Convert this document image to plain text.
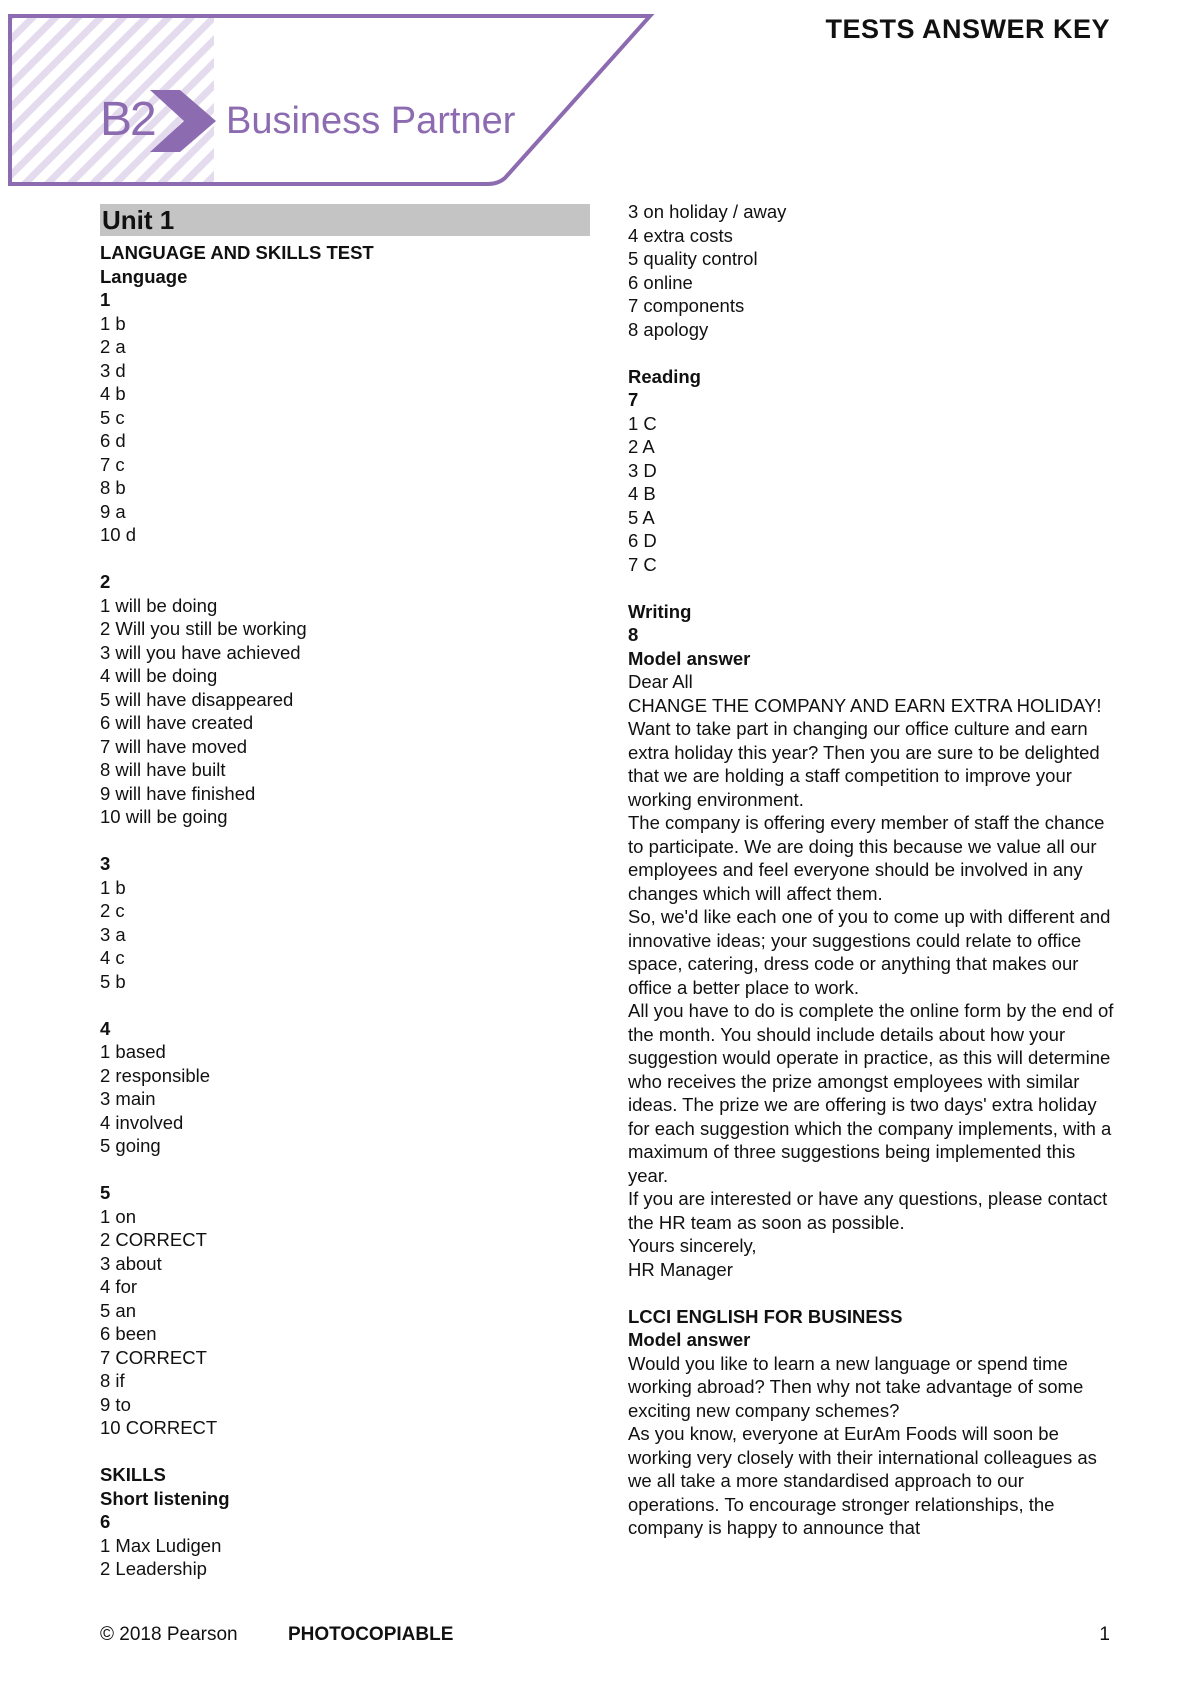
B2 Business Partner
TESTS ANSWER KEY
Unit 1
LANGUAGE AND SKILLS TEST
Language
1
1 b
2 a
3 d
4 b
5 c
6 d
7 c
8 b
9 a
10 d
2
1 will be doing
2 Will you still be working
3 will you have achieved
4 will be doing
5 will have disappeared
6 will have created
7 will have moved
8 will have built
9 will have finished
10 will be going
3
1 b
2 c
3 a
4 c
5 b
4
1 based
2 responsible
3 main
4 involved
5 going
5
1 on
2 CORRECT
3 about
4 for
5 an
6 been
7 CORRECT
8 if
9 to
10 CORRECT
SKILLS
Short listening
6
1 Max Ludigen
2 Leadership
3 on holiday / away
4 extra costs
5 quality control
6 online
7 components
8 apology
Reading
7
1 C
2 A
3 D
4 B
5 A
6 D
7 C
Writing
8
Model answer
Dear All
CHANGE THE COMPANY AND EARN EXTRA HOLIDAY!
Want to take part in changing our office culture and earn extra holiday this year? Then you are sure to be delighted that we are holding a staff competition to improve your working environment.
The company is offering every member of staff the chance to participate. We are doing this because we value all our employees and feel everyone should be involved in any changes which will affect them.
So, we'd like each one of you to come up with different and innovative ideas; your suggestions could relate to office space, catering, dress code or anything that makes our office a better place to work.
All you have to do is complete the online form by the end of the month. You should include details about how your suggestion would operate in practice, as this will determine who receives the prize amongst employees with similar ideas. The prize we are offering is two days' extra holiday for each suggestion which the company implements, with a maximum of three suggestions being implemented this year.
If you are interested or have any questions, please contact the HR team as soon as possible.
Yours sincerely,
HR Manager
LCCI ENGLISH FOR BUSINESS
Model answer
Would you like to learn a new language or spend time working abroad? Then why not take advantage of some exciting new company schemes?
As you know, everyone at EurAm Foods will soon be working very closely with their international colleagues as we all take a more standardised approach to our operations. To encourage stronger relationships, the company is happy to announce that
© 2018 Pearson	PHOTOCOPIABLE	1
